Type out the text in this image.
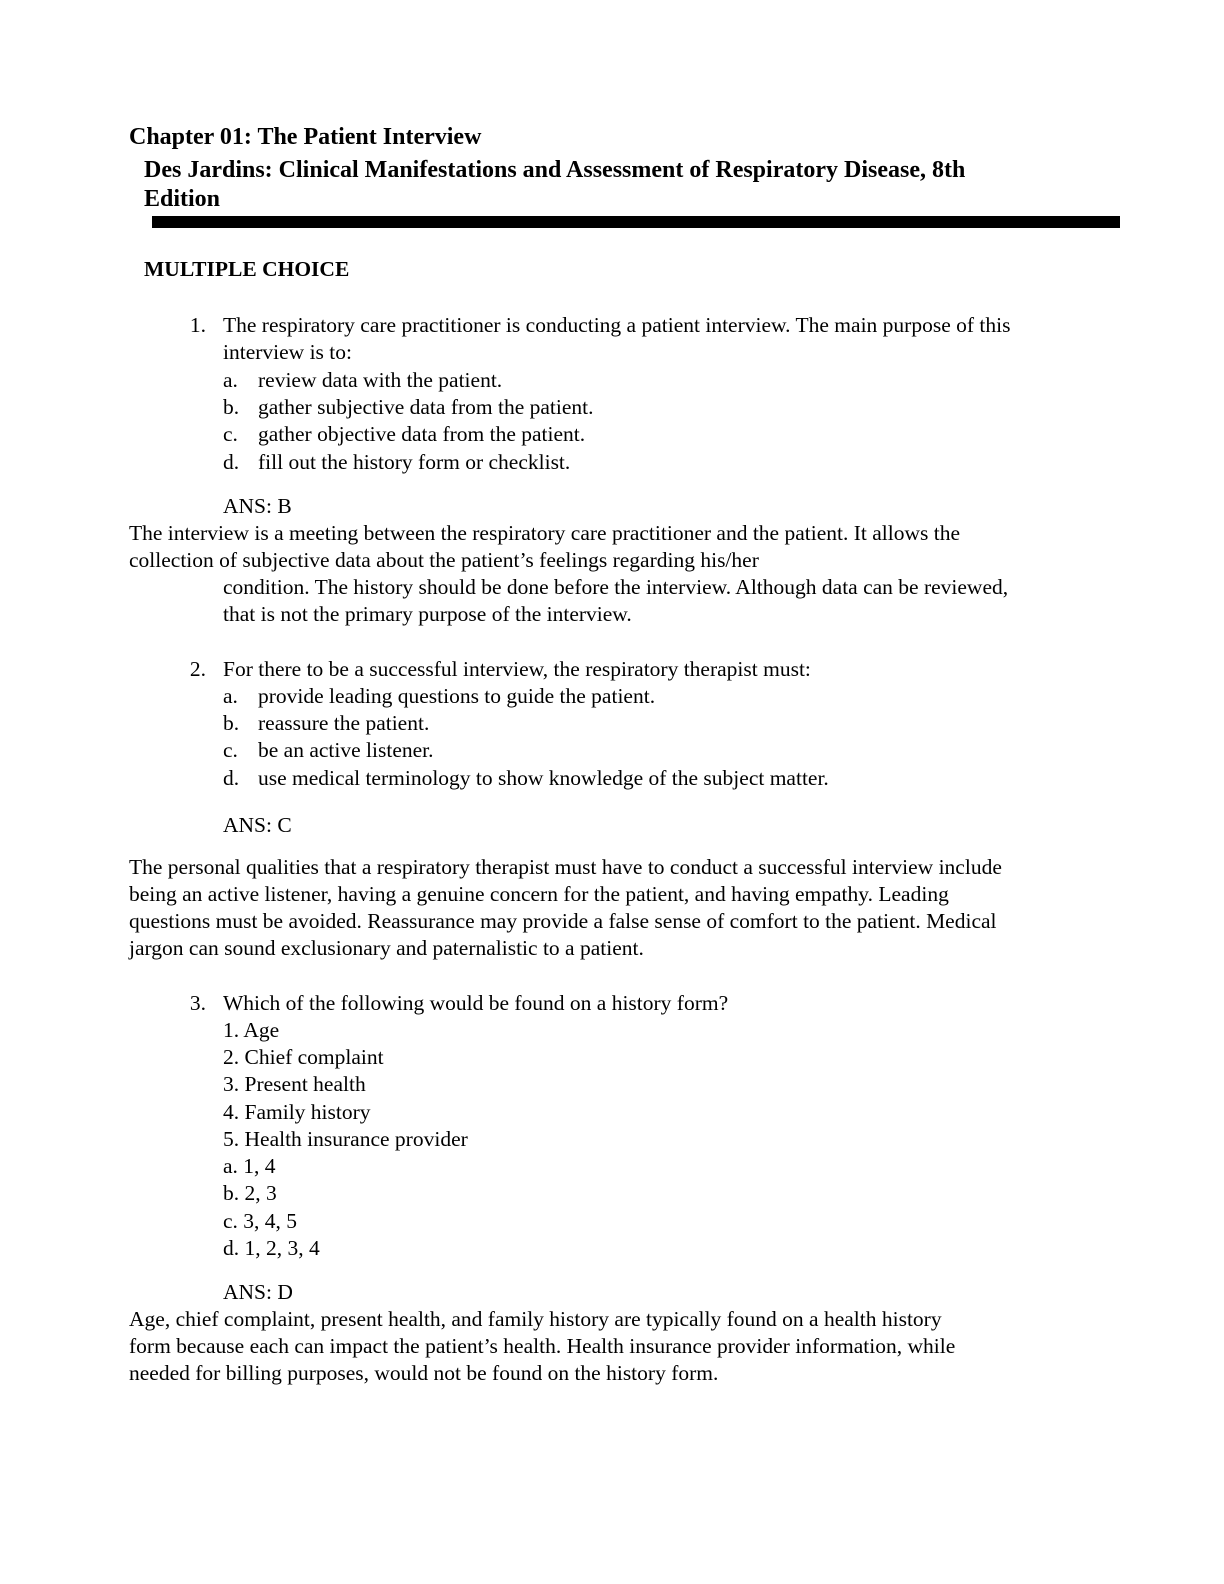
Chapter 01: The Patient Interview
Des Jardins: Clinical Manifestations and Assessment of Respiratory Disease, 8th
Edition
MULTIPLE CHOICE
1. The respiratory care practitioner is conducting a patient interview. The main purpose of this
interview is to:
a. review data with the patient.
b. gather subjective data from the patient.
c. gather objective data from the patient.
d. fill out the history form or checklist.
ANS: B
The interview is a meeting between the respiratory care practitioner and the patient. It allows the
collection of subjective data about the patient’s feelings regarding his/her
condition. The history should be done before the interview. Although data can be reviewed,
that is not the primary purpose of the interview.
2. For there to be a successful interview, the respiratory therapist must:
a. provide leading questions to guide the patient.
b. reassure the patient.
c. be an active listener.
d. use medical terminology to show knowledge of the subject matter.
ANS: C
The personal qualities that a respiratory therapist must have to conduct a successful interview include
being an active listener, having a genuine concern for the patient, and having empathy. Leading
questions must be avoided. Reassurance may provide a false sense of comfort to the patient. Medical
jargon can sound exclusionary and paternalistic to a patient.
3. Which of the following would be found on a history form?
1. Age
2. Chief complaint
3. Present health
4. Family history
5. Health insurance provider
a. 1, 4
b. 2, 3
c. 3, 4, 5
d. 1, 2, 3, 4
ANS: D
Age, chief complaint, present health, and family history are typically found on a health history
form because each can impact the patient’s health. Health insurance provider information, while
needed for billing purposes, would not be found on the history form.
